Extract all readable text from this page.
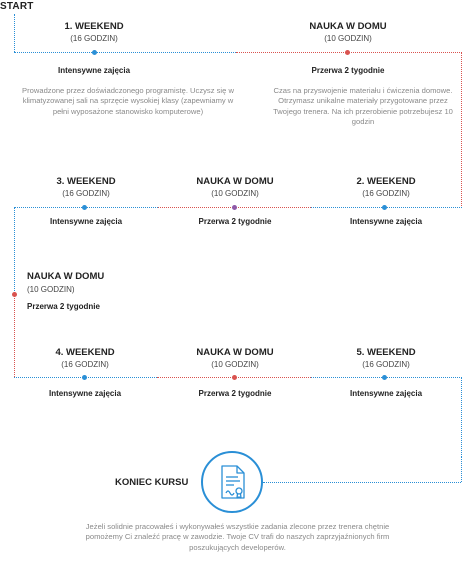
START
1. WEEKEND
(16 GODZIN)
Intensywne zajęcia
Prowadzone przez doświadczonego programistę. Uczysz się w klimatyzowanej sali na sprzęcie wysokiej klasy (zapewniamy w pełni wyposażone stanowisko komputerowe)
NAUKA W DOMU
(10 GODZIN)
Przerwa 2 tygodnie
Czas na przyswojenie materiału i ćwiczenia domowe. Otrzymasz unikalne materiały przygotowane przez Twojego trenera. Na ich przerobienie potrzebujesz 10 godzin
3. WEEKEND
(16 GODZIN)
Intensywne zajęcia
NAUKA W DOMU
(10 GODZIN)
Przerwa 2 tygodnie
2. WEEKEND
(16 GODZIN)
Intensywne zajęcia
NAUKA W DOMU
(10 GODZIN)
Przerwa 2 tygodnie
4. WEEKEND
(16 GODZIN)
Intensywne zajęcia
NAUKA W DOMU
(10 GODZIN)
Przerwa 2 tygodnie
5. WEEKEND
(16 GODZIN)
Intensywne zajęcia
KONIEC KURSU
Jeżeli solidnie pracowałeś i wykonywałeś wszystkie zadania zlecone przez trenera chętnie pomożemy Ci znaleźć pracę w zawodzie. Twoje CV trafi do naszych zaprzyjaźnionych firm poszukujących developerów.
